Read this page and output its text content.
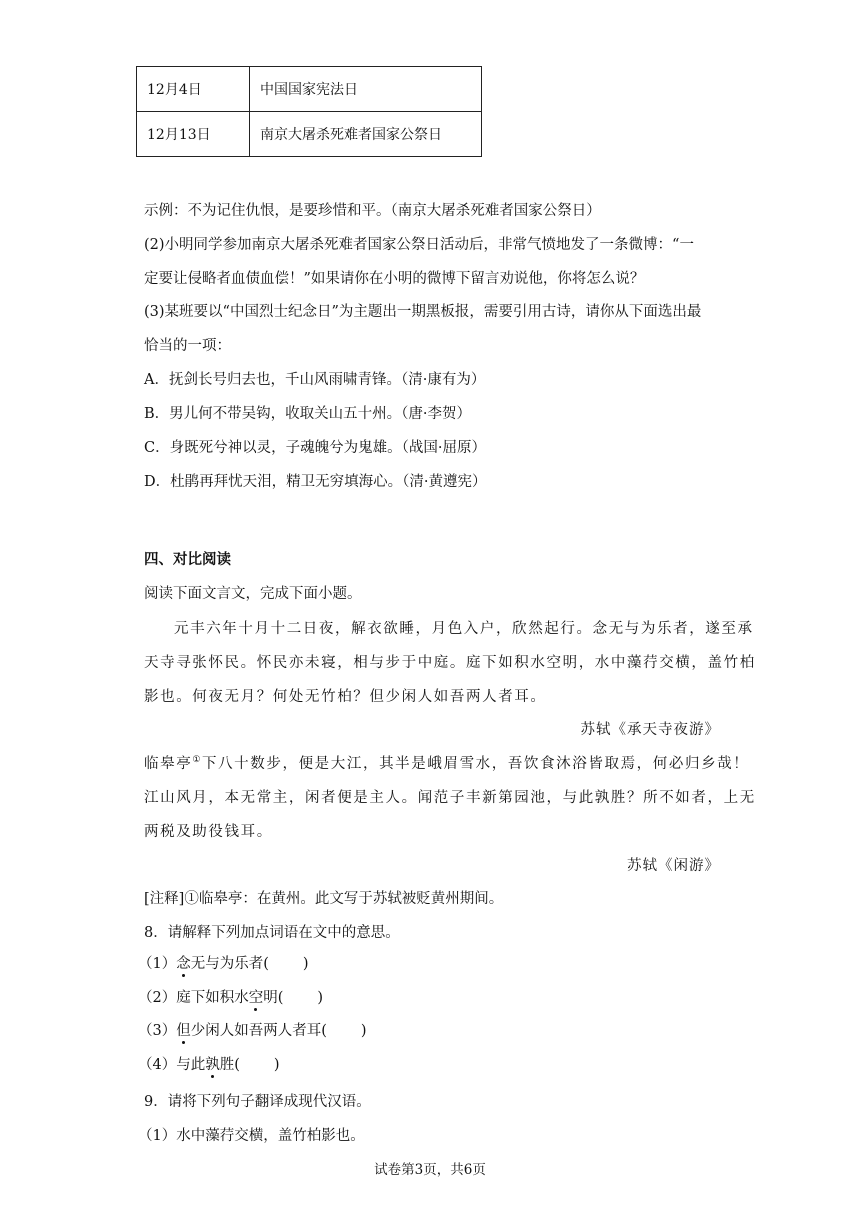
12月4日	中国国家宪法日
12月13日	南京大屠杀死难者国家公祭日
示例：不为记住仇恨，是要珍惜和平。（南京大屠杀死难者国家公祭日）
(2)小明同学参加南京大屠杀死难者国家公祭日活动后，非常气愤地发了一条微博：“一
定要让侵略者血债血偿！”如果请你在小明的微博下留言劝说他，你将怎么说？
(3)某班要以“中国烈士纪念日”为主题出一期黑板报，需要引用古诗，请你从下面选出最
恰当的一项：
A．抚剑长号归去也，千山风雨啸青锋。（清·康有为）
B．男儿何不带吴钩，收取关山五十州。（唐·李贺）
C．身既死兮神以灵，子魂魄兮为鬼雄。（战国·屈原）
D．杜鹃再拜忧天泪，精卫无穷填海心。（清·黄遵宪）
四、对比阅读
阅读下面文言文，完成下面小题。
元丰六年十月十二日夜，解衣欲睡，月色入户，欣然起行。念无与为乐者，遂至承
天寺寻张怀民。怀民亦未寝，相与步于中庭。庭下如积水空明，水中藻荇交横，盖竹柏
影也。何夜无月？何处无竹柏？但少闲人如吾两人者耳。
苏轼《承天寺夜游》
临皋亭①下八十数步，便是大江，其半是峨眉雪水，吾饮食沐浴皆取焉，何必归乡哉！
江山风月，本无常主，闲者便是主人。闻范子丰新第园池，与此孰胜？所不如者，上无
两税及助役钱耳。
苏轼《闲游》
[注释]①临皋亭：在黄州。此文写于苏轼被贬黄州期间。
8．请解释下列加点词语在文中的意思。
（1）念无与为乐者( )
（2）庭下如积水空明( )
（3）但少闲人如吾两人者耳( )
（4）与此孰胜( )
9．请将下列句子翻译成现代汉语。
（1）水中藻荇交横，盖竹柏影也。
试卷第3页，共6页
